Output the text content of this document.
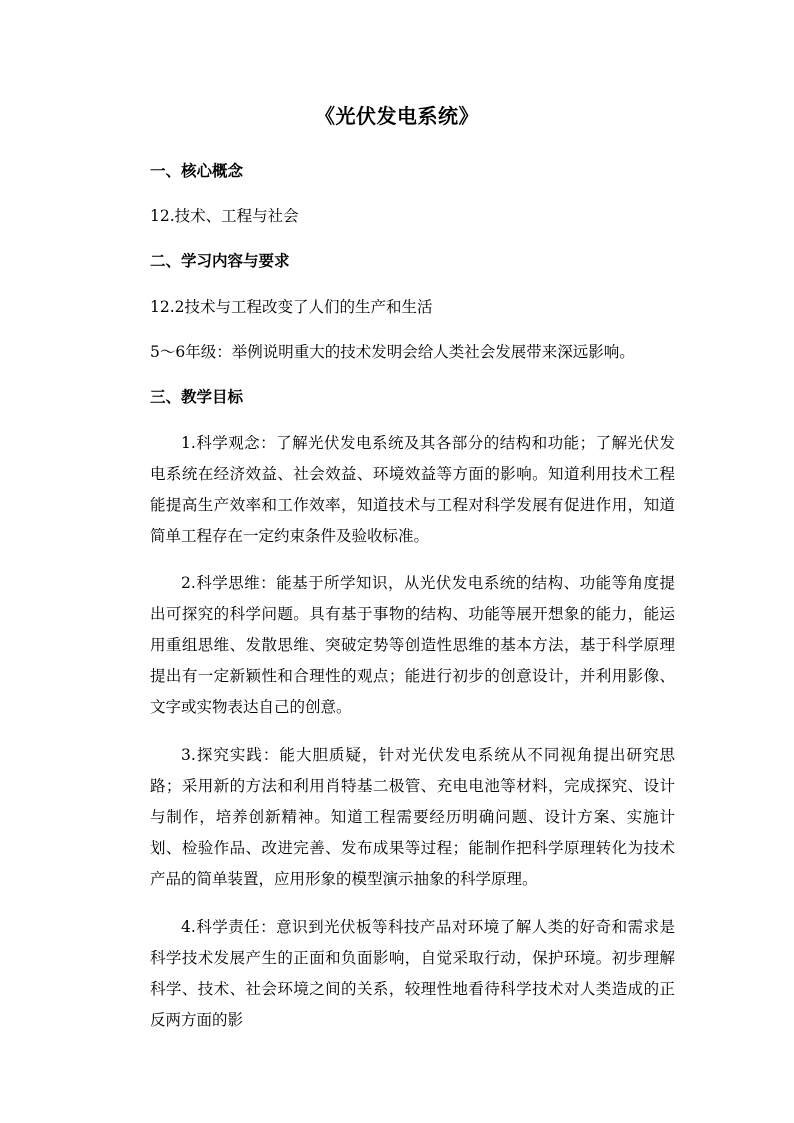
《光伏发电系统》
一、核心概念
12.技术、工程与社会
二、学习内容与要求
12.2技术与工程改变了人们的生产和生活
5～6年级：举例说明重大的技术发明会给人类社会发展带来深远影响。
三、教学目标
1.科学观念：了解光伏发电系统及其各部分的结构和功能；了解光伏发电系统在经济效益、社会效益、环境效益等方面的影响。知道利用技术工程能提高生产效率和工作效率，知道技术与工程对科学发展有促进作用，知道简单工程存在一定约束条件及验收标准。
2.科学思维：能基于所学知识，从光伏发电系统的结构、功能等角度提出可探究的科学问题。具有基于事物的结构、功能等展开想象的能力，能运用重组思维、发散思维、突破定势等创造性思维的基本方法，基于科学原理提出有一定新颖性和合理性的观点；能进行初步的创意设计，并利用影像、文字或实物表达自己的创意。
3.探究实践：能大胆质疑，针对光伏发电系统从不同视角提出研究思路；采用新的方法和利用肖特基二极管、充电电池等材料，完成探究、设计与制作，培养创新精神。知道工程需要经历明确问题、设计方案、实施计划、检验作品、改进完善、发布成果等过程；能制作把科学原理转化为技术产品的简单装置，应用形象的模型演示抽象的科学原理。
4.科学责任：意识到光伏板等科技产品对环境了解人类的好奇和需求是科学技术发展产生的正面和负面影响，自觉采取行动，保护环境。初步理解科学、技术、社会环境之间的关系，较理性地看待科学技术对人类造成的正反两方面的影
